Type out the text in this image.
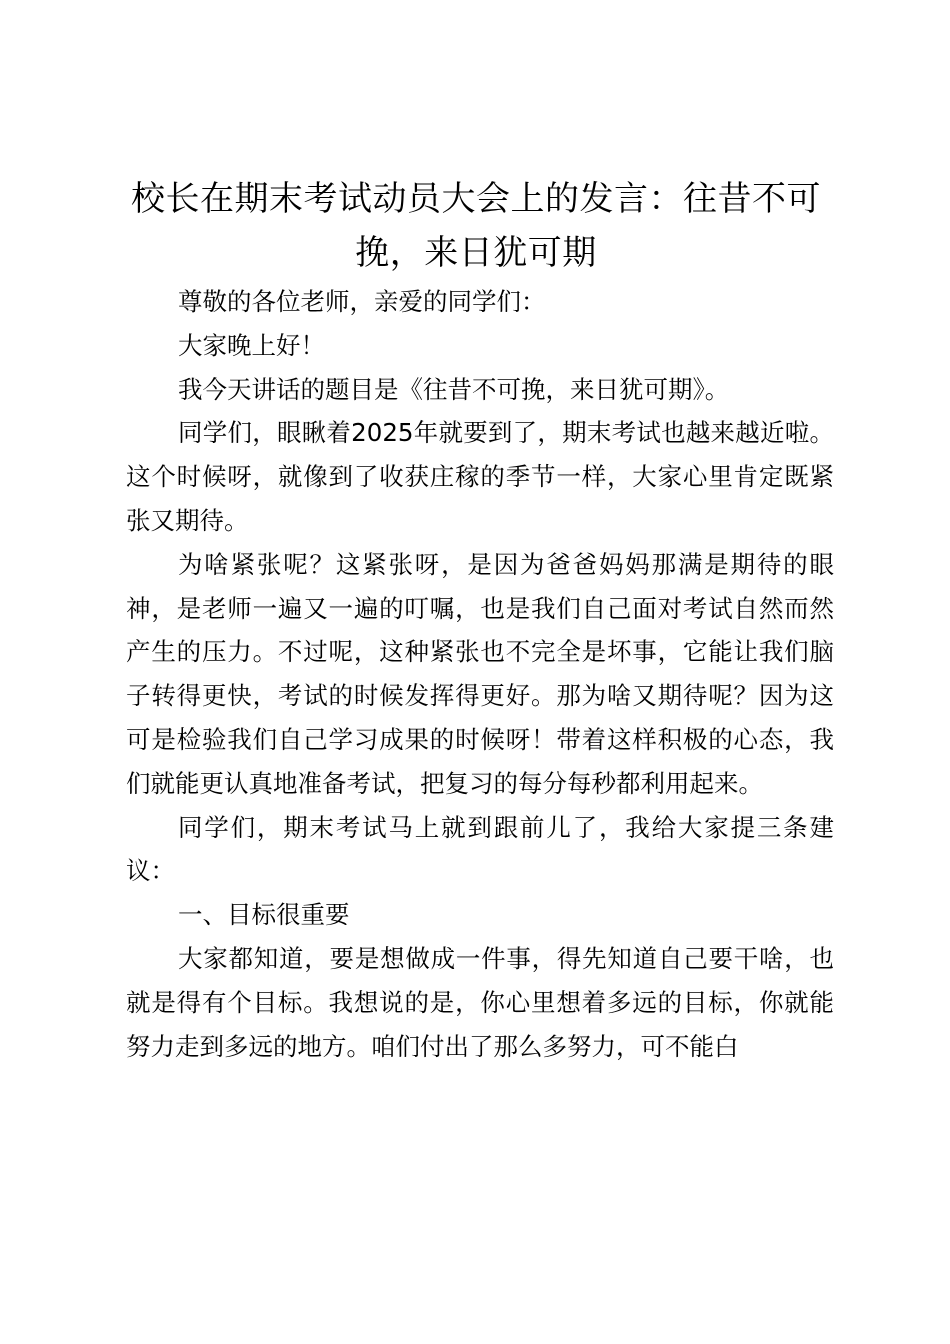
校长在期末考试动员大会上的发言：往昔不可挽，来日犹可期

尊敬的各位老师，亲爱的同学们：

大家晚上好！

我今天讲话的题目是《往昔不可挽，来日犹可期》。

同学们，眼瞅着2025年就要到了，期末考试也越来越近啦。这个时候呀，就像到了收获庄稼的季节一样，大家心里肯定既紧张又期待。

为啥紧张呢？这紧张呀，是因为爸爸妈妈那满是期待的眼神，是老师一遍又一遍的叮嘱，也是我们自己面对考试自然而然产生的压力。不过呢，这种紧张也不完全是坏事，它能让我们脑子转得更快，考试的时候发挥得更好。那为啥又期待呢？因为这可是检验我们自己学习成果的时候呀！带着这样积极的心态，我们就能更认真地准备考试，把复习的每分每秒都利用起来。

同学们，期末考试马上就到跟前儿了，我给大家提三条建议：

一、目标很重要

大家都知道，要是想做成一件事，得先知道自己要干啥，也就是得有个目标。我想说的是，你心里想着多远的目标，你就能努力走到多远的地方。咱们付出了那么多努力，可不能白
